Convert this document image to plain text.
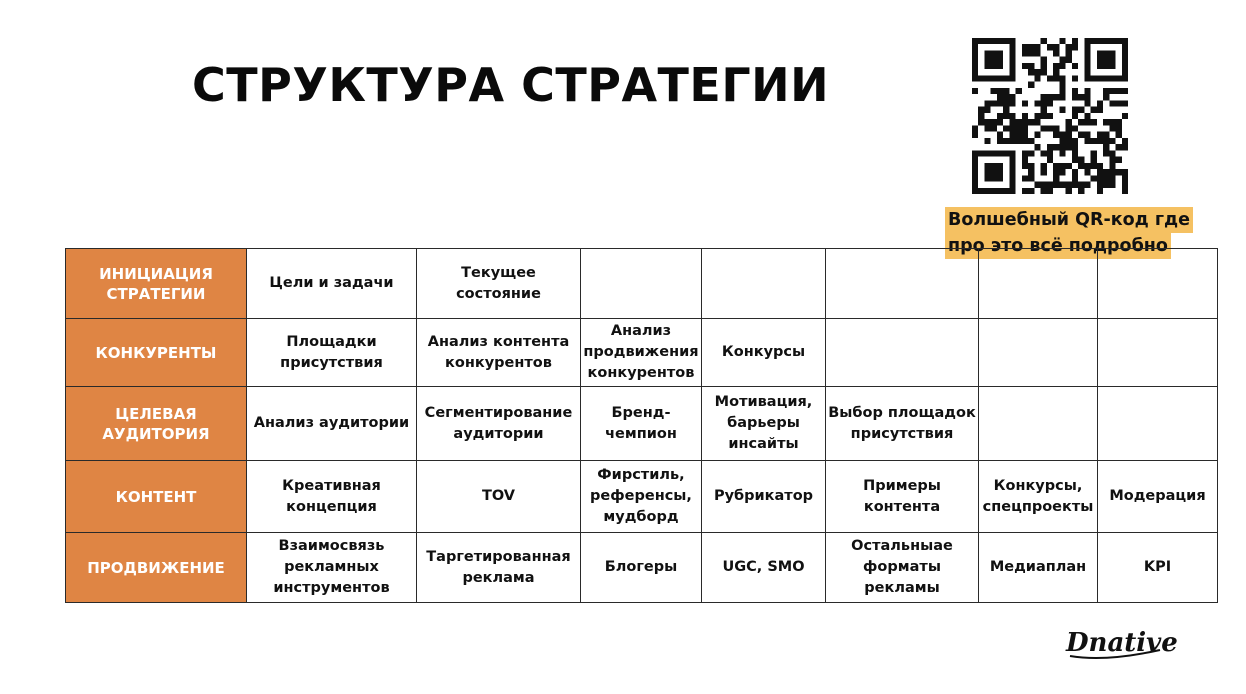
СТРУКТУРА СТРАТЕГИИ
Волшебный QR-код где
про это всё подробно
ИНИЦИАЦИЯ СТРАТЕГИИ	Цели и задачи	Текущее состояние					
КОНКУРЕНТЫ	Площадки присутствия	Анализ контента конкурентов	Анализ продвижения конкурентов	Конкурсы			
ЦЕЛЕВАЯ АУДИТОРИЯ	Анализ аудитории	Сегментирование аудитории	Бренд-чемпион	Мотивация, барьеры инсайты	Выбор площадок присутствия		
КОНТЕНТ	Креативная концепция	TOV	Фирстиль, референсы, мудборд	Рубрикатор	Примеры контента	Конкурсы, спецпроекты	Модерация
ПРОДВИЖЕНИЕ	Взаимосвязь рекламных инструментов	Таргетированная реклама	Блогеры	UGC, SMO	Остальныае форматы рекламы	Медиаплан	KPI
Dnative
